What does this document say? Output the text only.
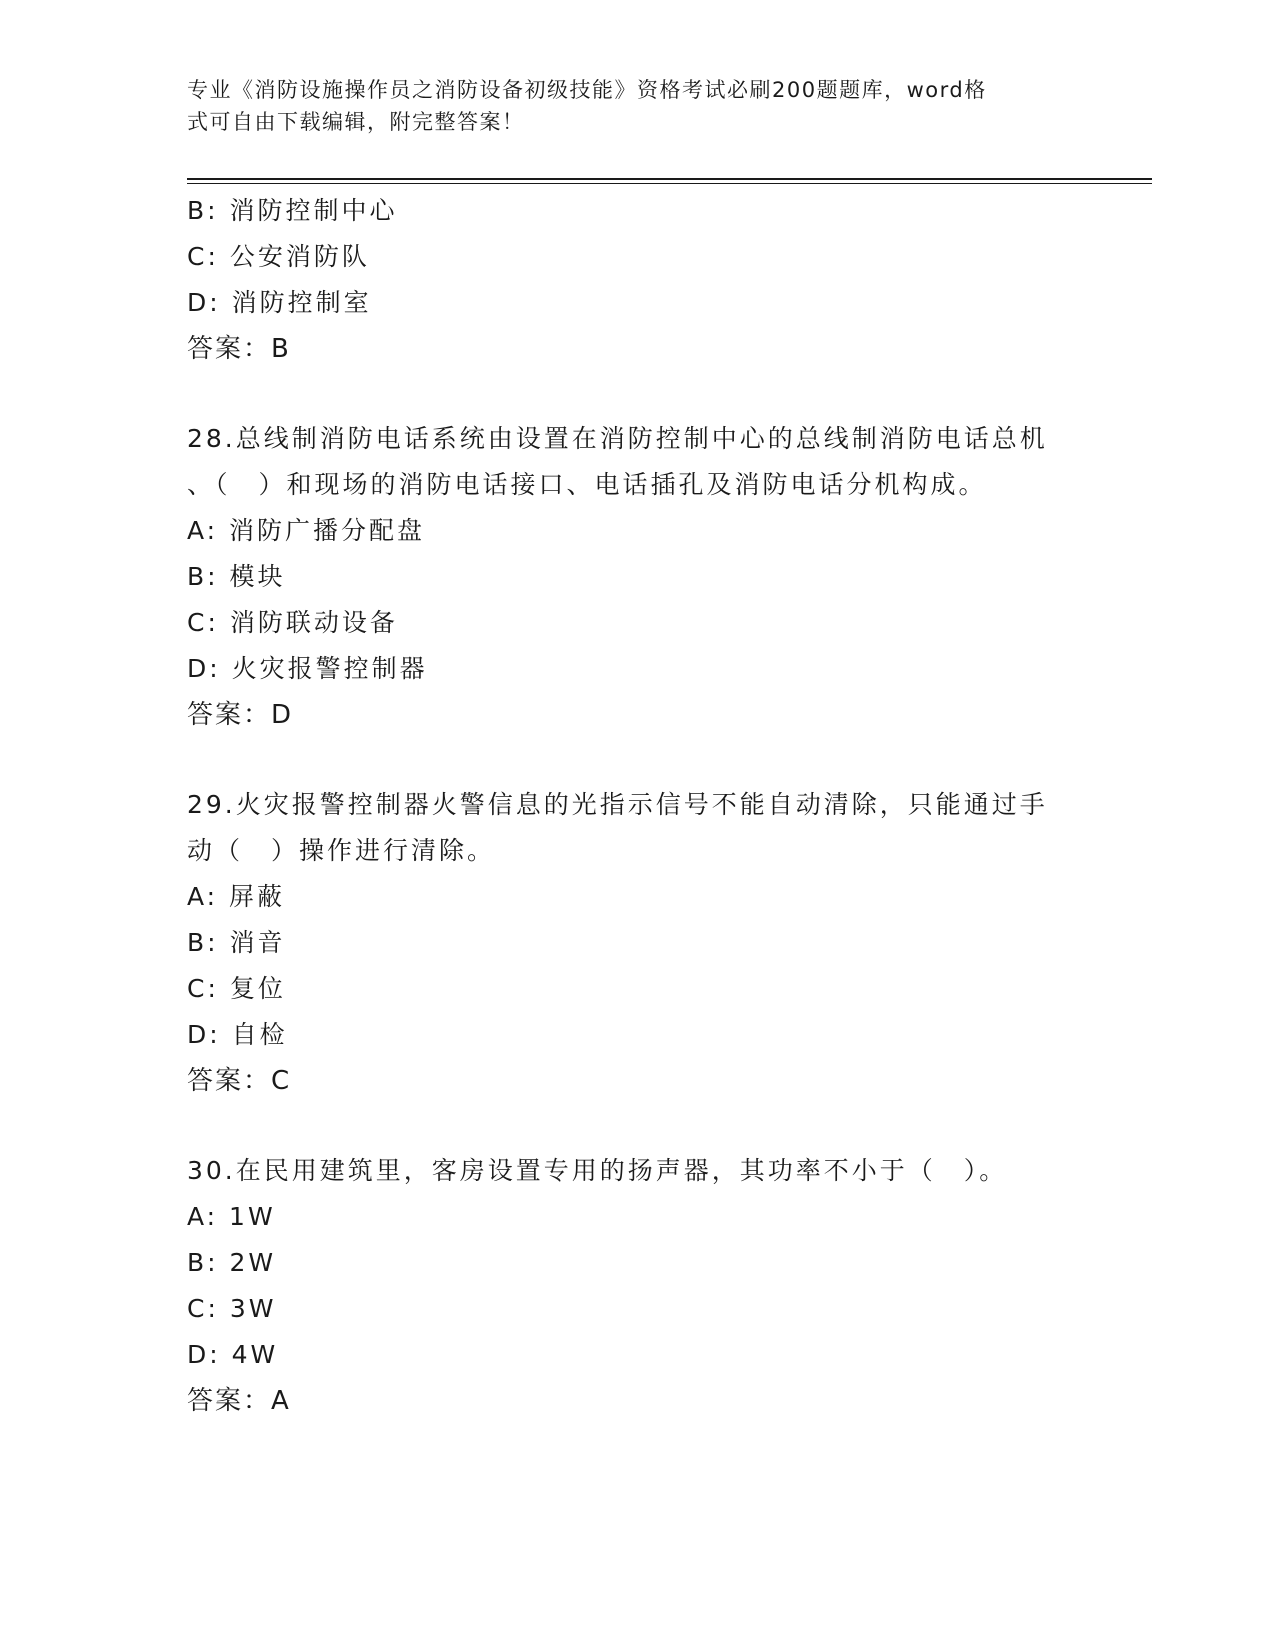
专业《消防设施操作员之消防设备初级技能》资格考试必刷200题题库，word格
式可自由下载编辑，附完整答案！
B: 消防控制中心
C: 公安消防队
D: 消防控制室
答案：B
28.总线制消防电话系统由设置在消防控制中心的总线制消防电话总机
、（　）和现场的消防电话接口、电话插孔及消防电话分机构成。
A: 消防广播分配盘
B: 模块
C: 消防联动设备
D: 火灾报警控制器
答案：D
29.火灾报警控制器火警信息的光指示信号不能自动清除，只能通过手
动（　）操作进行清除。
A: 屏蔽
B: 消音
C: 复位
D: 自检
答案：C
30.在民用建筑里，客房设置专用的扬声器，其功率不小于（　）。
A: 1W
B: 2W
C: 3W
D: 4W
答案：A
